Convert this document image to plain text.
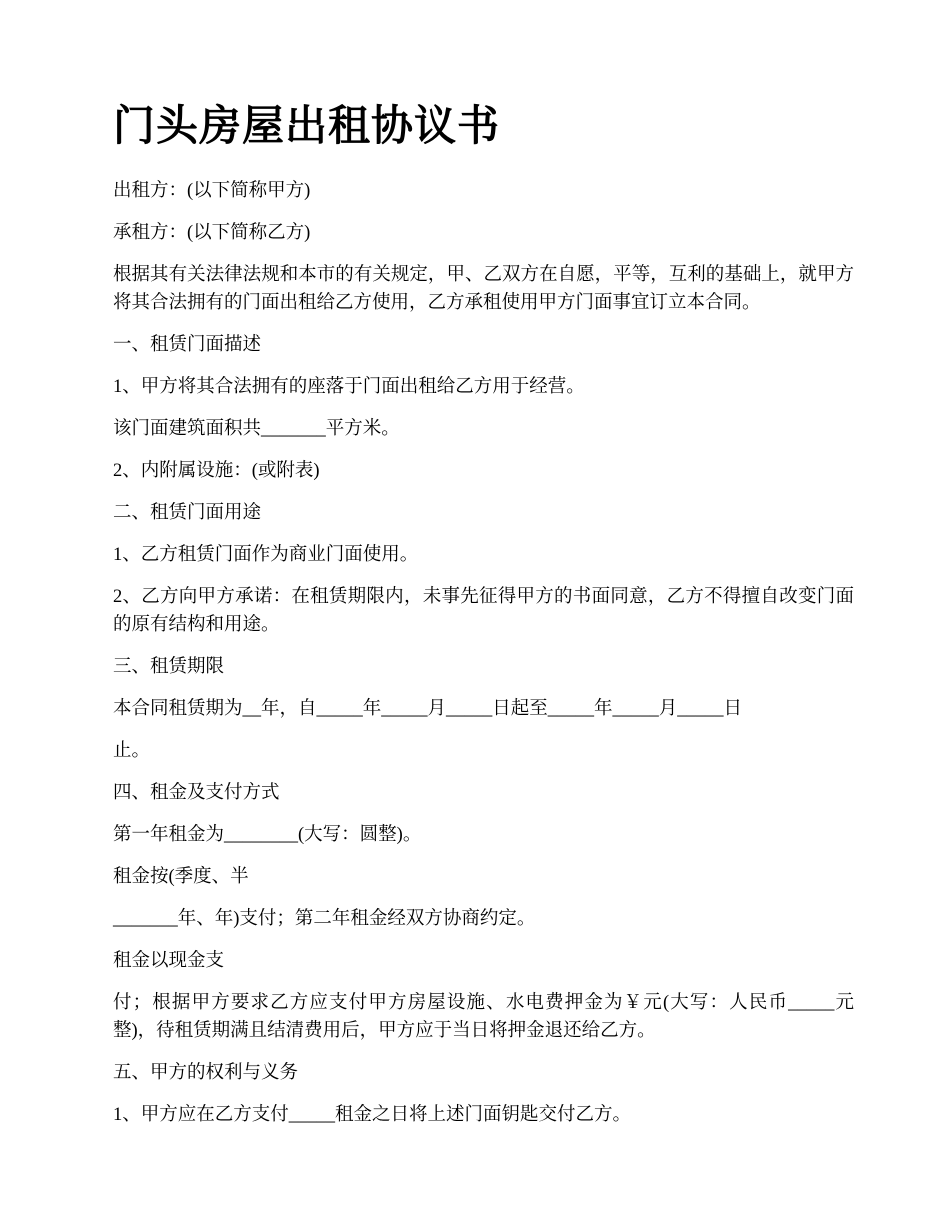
门头房屋出租协议书

出租方：(以下简称甲方)

承租方：(以下简称乙方)

根据其有关法律法规和本市的有关规定，甲、乙双方在自愿，平等，互利的基础上，就甲方将其合法拥有的门面出租给乙方使用，乙方承租使用甲方门面事宜订立本合同。

一、租赁门面描述

1、甲方将其合法拥有的座落于门面出租给乙方用于经营。

该门面建筑面积共_______平方米。

2、内附属设施：(或附表)

二、租赁门面用途

1、乙方租赁门面作为商业门面使用。

2、乙方向甲方承诺：在租赁期限内，未事先征得甲方的书面同意，乙方不得擅自改变门面的原有结构和用途。

三、租赁期限

本合同租赁期为__年，自_____年_____月_____日起至_____年_____月_____日

止。

四、租金及支付方式

第一年租金为________(大写：圆整)。

租金按(季度、半

_______年、年)支付；第二年租金经双方协商约定。

租金以现金支

付；根据甲方要求乙方应支付甲方房屋设施、水电费押金为￥元(大写：人民币_____元整)，待租赁期满且结清费用后，甲方应于当日将押金退还给乙方。

五、甲方的权利与义务

1、甲方应在乙方支付_____租金之日将上述门面钥匙交付乙方。
